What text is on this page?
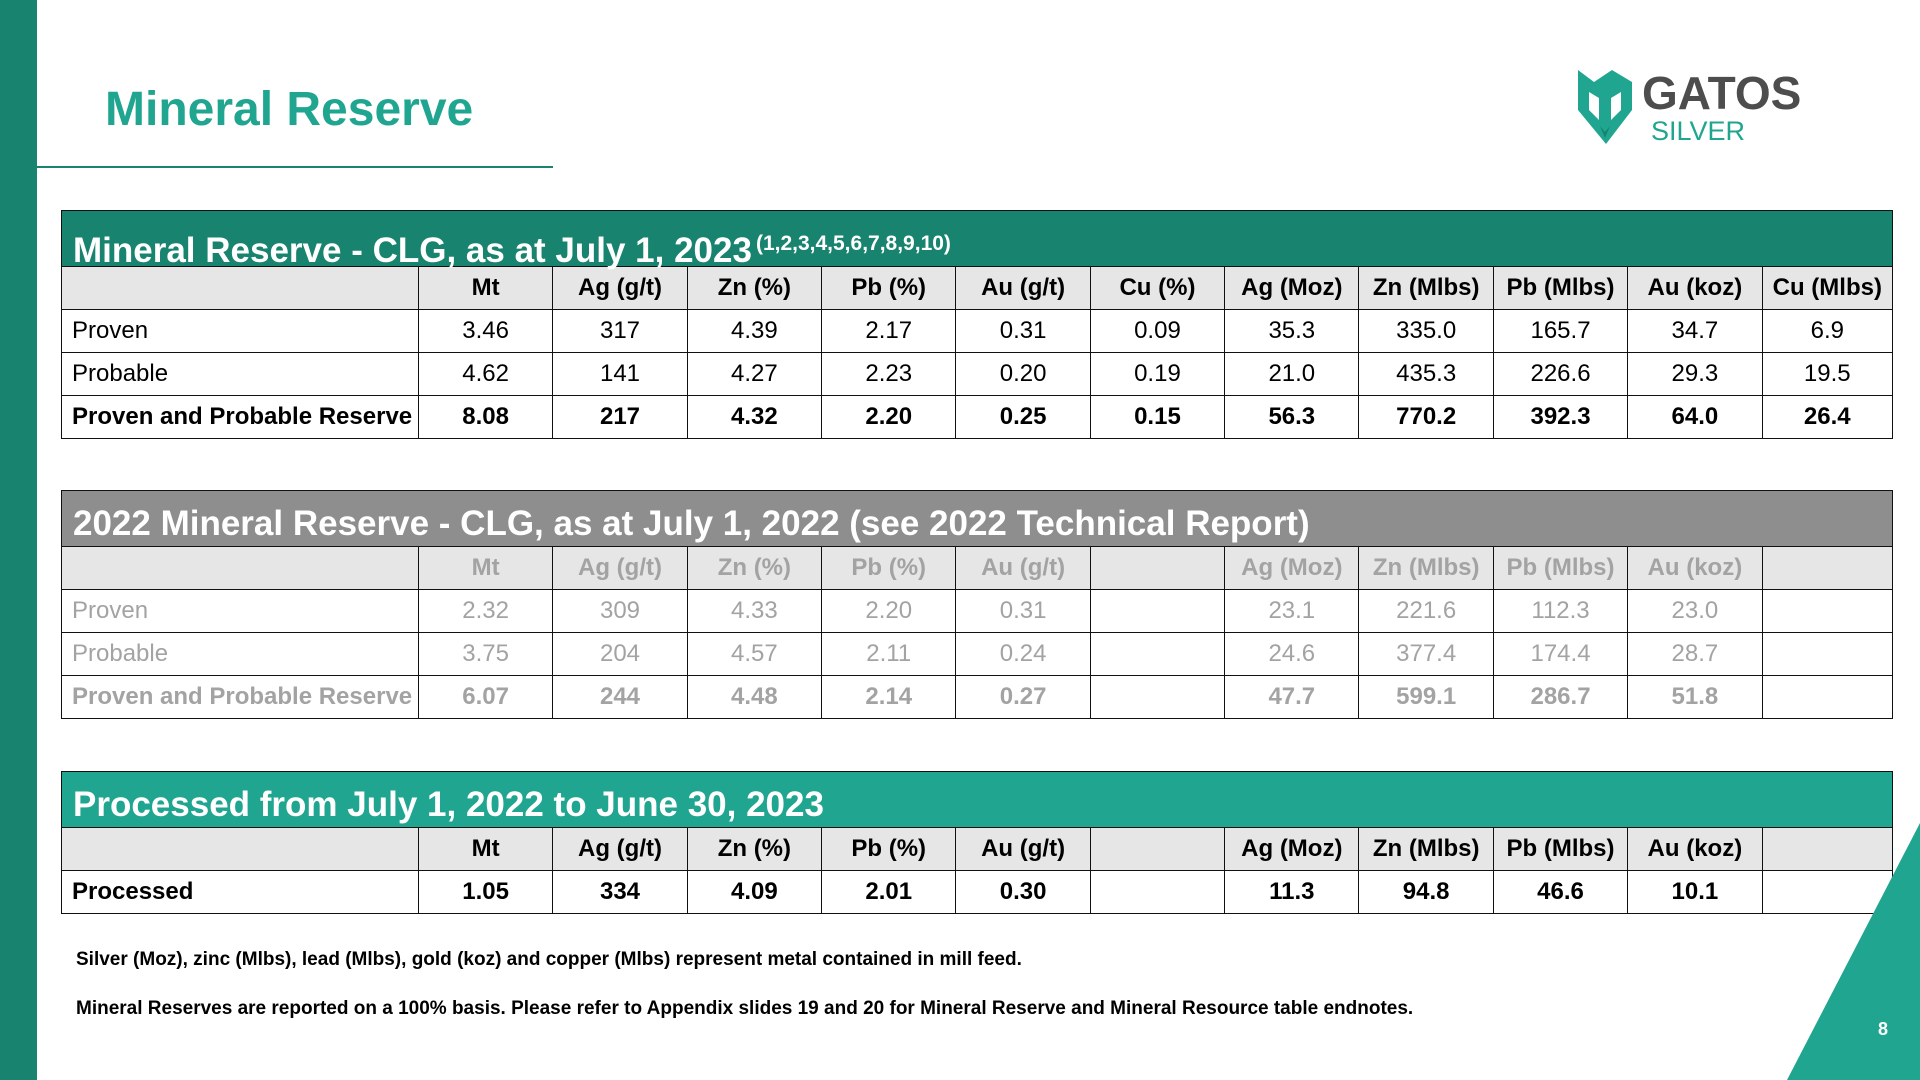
Mineral Reserve	GATOS
SILVER
Mineral Reserve - CLG, as at July 1, 2023 $^{(1,2,3,4,5,6,7,8,9,10)}$
	Mt	Ag (g/t)	Zn (%)	Pb (%)	Au (g/t)	Cu (%)	Ag (Moz)	Zn (Mlbs)	Pb (Mlbs)	Au (koz)	Cu (Mlbs)
Proven	3.46	317	4.39	2.17	0.31	0.09	35.3	335.0	165.7	34.7	6.9
Probable	4.62	141	4.27	2.23	0.20	0.19	21.0	435.3	226.6	29.3	19.5
Proven and Probable Reserve	8.08	217	4.32	2.20	0.25	0.15	56.3	770.2	392.3	64.0	26.4
2022 Mineral Reserve - CLG, as at July 1, 2022 (see 2022 Technical Report)
	Mt	Ag (g/t)	Zn (%)	Pb (%)	Au (g/t)		Ag (Moz)	Zn (Mlbs)	Pb (Mlbs)	Au (koz)	
Proven	2.32	309	4.33	2.20	0.31		23.1	221.6	112.3	23.0	
Probable	3.75	204	4.57	2.11	0.24		24.6	377.4	174.4	28.7	
Proven and Probable Reserve	6.07	244	4.48	2.14	0.27		47.7	599.1	286.7	51.8	
Processed from July 1, 2022 to June 30, 2023
	Mt	Ag (g/t)	Zn (%)	Pb (%)	Au (g/t)		Ag (Moz)	Zn (Mlbs)	Pb (Mlbs)	Au (koz)	
Processed	1.05	334	4.09	2.01	0.30		11.3	94.8	46.6	10.1	

Silver (Moz), zinc (Mlbs), lead (Mlbs), gold (koz) and copper (Mlbs) represent metal contained in mill feed.

Mineral Reserves are reported on a 100% basis. Please refer to Appendix slides 19 and 20 for Mineral Reserve and Mineral Resource table endnotes.

8
